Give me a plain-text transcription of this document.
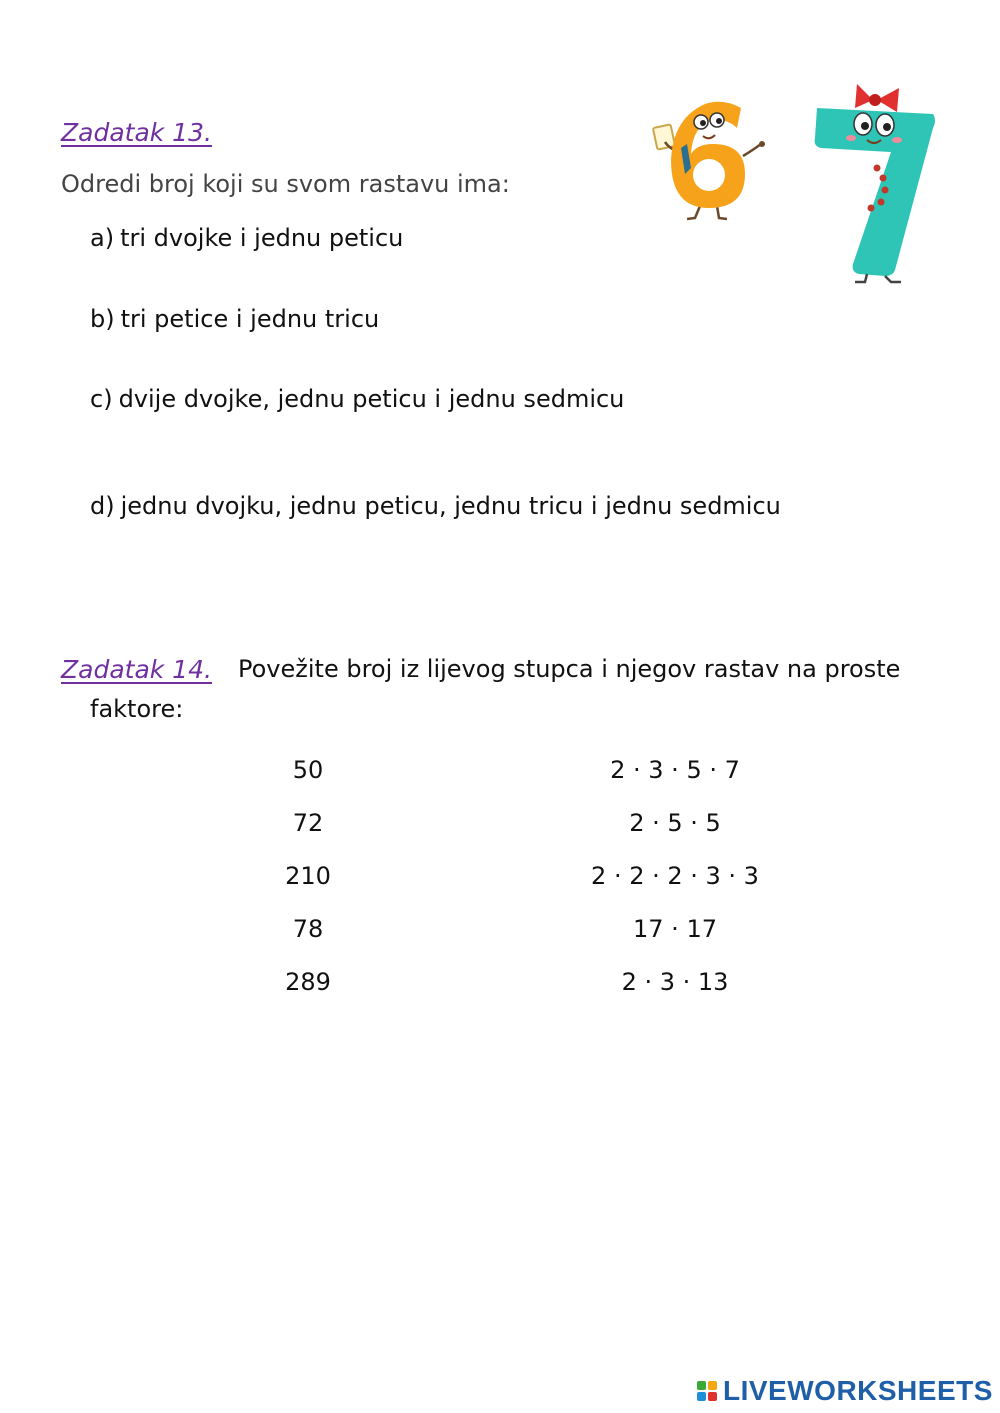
Zadatak 13.
Odredi broj koji su svom rastavu ima:
a) tri dvojke i jednu peticu
b) tri petice i jednu tricu
c) dvije dvojke, jednu peticu i jednu sedmicu
d) jednu dvojku, jednu peticu, jednu tricu i jednu sedmicu
Zadatak 14. Povežite broj iz lijevog stupca i njegov rastav na proste
faktore:
50
72
210
78
289
2 · 3 · 5 · 7
2 · 5 · 5
2 · 2 · 2 · 3 · 3
17 · 17
2 · 3 · 13
LIVEWORKSHEETS
